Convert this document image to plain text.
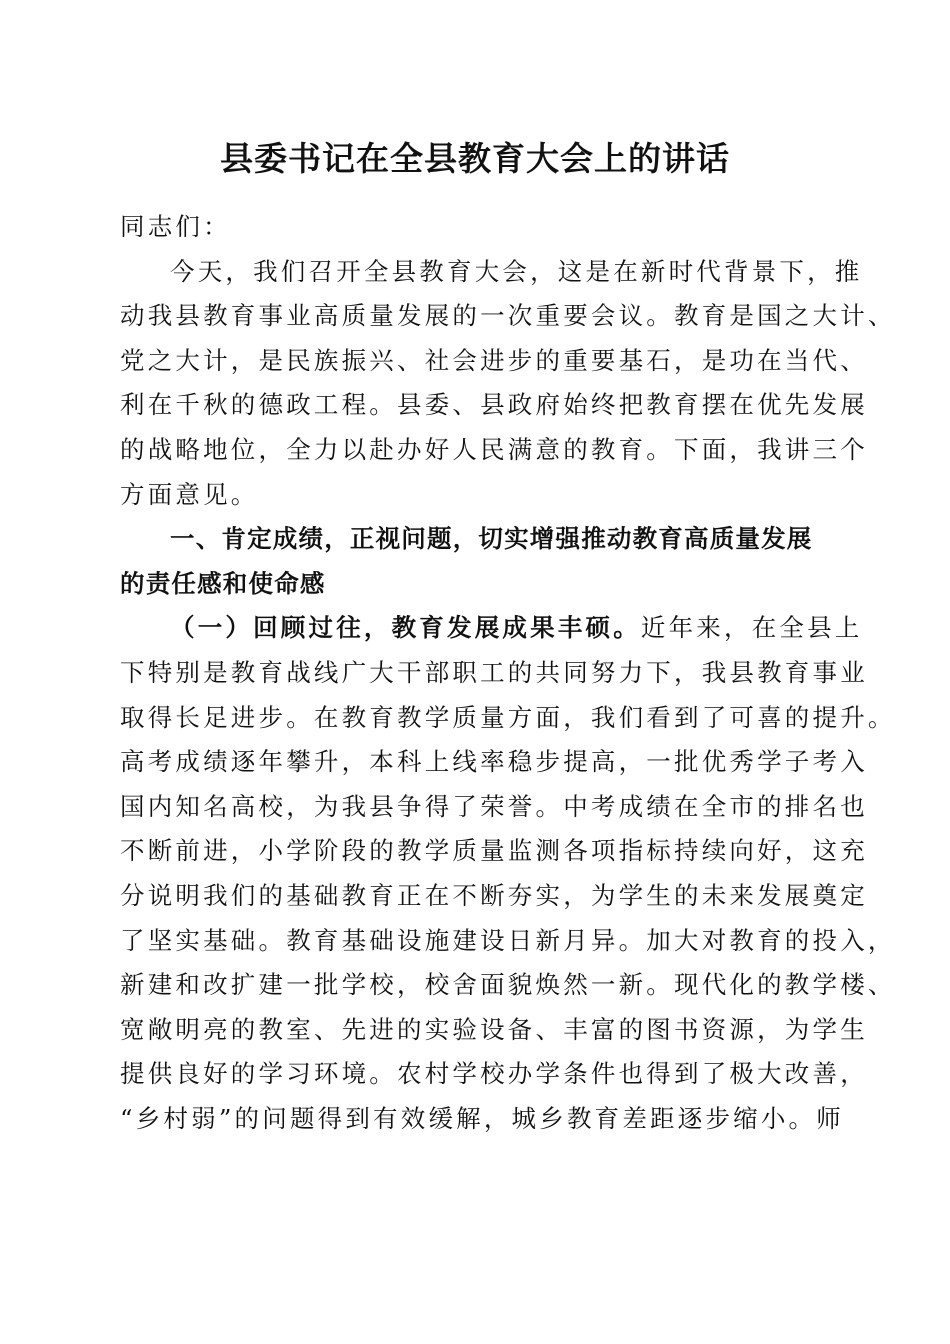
县委书记在全县教育大会上的讲话
同志们：
今天，我们召开全县教育大会，这是在新时代背景下，推
动我县教育事业高质量发展的一次重要会议。教育是国之大计、
党之大计，是民族振兴、社会进步的重要基石，是功在当代、
利在千秋的德政工程。县委、县政府始终把教育摆在优先发展
的战略地位，全力以赴办好人民满意的教育。下面，我讲三个
方面意见。
一、肯定成绩，正视问题，切实增强推动教育高质量发展
的责任感和使命感
（一）回顾过往，教育发展成果丰硕。近年来，在全县上
下特别是教育战线广大干部职工的共同努力下，我县教育事业
取得长足进步。在教育教学质量方面，我们看到了可喜的提升。
高考成绩逐年攀升，本科上线率稳步提高，一批优秀学子考入
国内知名高校，为我县争得了荣誉。中考成绩在全市的排名也
不断前进，小学阶段的教学质量监测各项指标持续向好，这充
分说明我们的基础教育正在不断夯实，为学生的未来发展奠定
了坚实基础。教育基础设施建设日新月异。加大对教育的投入，
新建和改扩建一批学校，校舍面貌焕然一新。现代化的教学楼、
宽敞明亮的教室、先进的实验设备、丰富的图书资源，为学生
提供良好的学习环境。农村学校办学条件也得到了极大改善，
“乡村弱”的问题得到有效缓解，城乡教育差距逐步缩小。师
